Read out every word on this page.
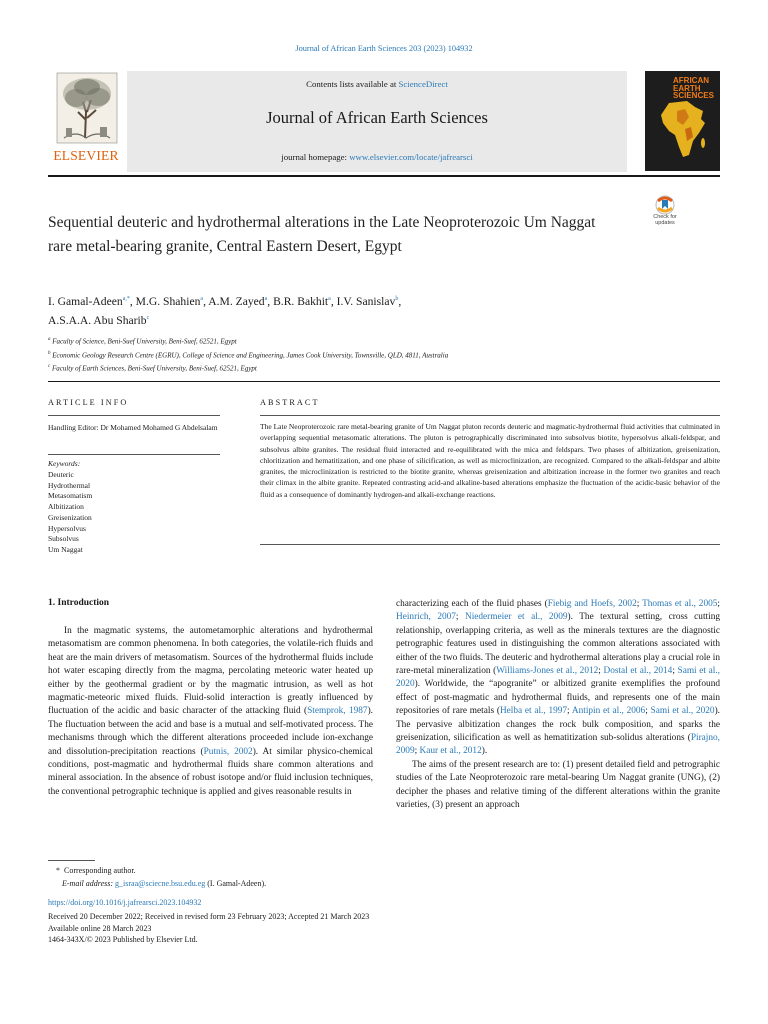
Journal of African Earth Sciences 203 (2023) 104932
Contents lists available at ScienceDirect
Journal of African Earth Sciences
journal homepage: www.elsevier.com/locate/jafrearsci
ELSEVIER
AFRICAN
EARTH
SCIENCES
Check for
updates
Sequential deuteric and hydrothermal alterations in the Late Neoproterozoic Um Naggat rare metal-bearing granite, Central Eastern Desert, Egypt
I. Gamal-Adeen$^{a,*}$, M.G. Shahien$^a$, A.M. Zayed$^a$, B.R. Bakhit$^a$, I.V. Sanislav$^b$,
A.S.A.A. Abu Sharib$^c$
$^a$ Faculty of Science, Beni-Suef University, Beni-Suef, 62521, Egypt
$^b$ Economic Geology Research Centre (EGRU), College of Science and Engineering, James Cook University, Townsville, QLD, 4811, Australia
$^c$ Faculty of Earth Sciences, Beni-Suef University, Beni-Suef, 62521, Egypt
ARTICLE INFO	ABSTRACT
Handling Editor: Dr Mohamed Mohamed G Abdelsalam
Keywords:
Deuteric
Hydrothermal
Metasomatism
Albitization
Greisenization
Hypersolvus
Subsolvus
Um Naggat
The Late Neoproterozoic rare metal-bearing granite of Um Naggat pluton records deuteric and magmatic-hydrothermal fluid activities that culminated in overlapping sequential metasomatic alterations. The pluton is petrographically discriminated into subsolvus biotite, hypersolvus alkali-feldspar, and subsolvus albite granites. The residual fluid interacted and re-equilibrated with the mica and feldspars. Two phases of albitization, greisenization, chloritization and hematitization, and one phase of silicification, as well as microclinization, are recognized. Compared to the alkali-feldspar and albite granites, the microclinization is restricted to the biotite granite, whereas greisenization and albitization increase in the former two granites and reach their climax in the albite granite. Repeated contrasting acid-and alkaline-based alterations emphasize the fluctuation of the acidic-basic behavior of the fluid as a consequence of dominantly hydrogen-and alkali-exchange reactions.
1. Introduction

In the magmatic systems, the autometamorphic alterations and hydrothermal metasomatism are common phenomena. In both categories, the volatile-rich fluids and heat are the main drivers of metasomatism. Sources of the hydrothermal fluids include hot water escaping directly from the magma, percolating meteoric water heated up either by the geothermal gradient or by the magmatic intrusion, as well as hot magmatic-meteoric mixed fluids. Fluid-solid interaction is greatly influenced by fluctuation of the acidic and basic character of the attacking fluid (Stemprok, 1987). The fluctuation between the acid and base is a mutual and self-motivated process. The mechanisms through which the different alterations proceeded include ion-exchange and dissolution-precipitation reactions (Putnis, 2002). At similar physico-chemical conditions, post-magmatic and hydrothermal fluids share common alterations and mineral association. In the absence of robust isotope and/or fluid inclusion techniques, the conventional petrographic technique is applied and gives reasonable results in

characterizing each of the fluid phases (Fiebig and Hoefs, 2002; Thomas et al., 2005; Heinrich, 2007; Niedermeier et al., 2009). The textural setting, cross cutting relationship, overlapping criteria, as well as the minerals textures are the diagnostic petrographic features used in distinguishing the common alterations associated with either of the two fluids. The deuteric and hydrothermal alterations play a crucial role in rare-metal mineralization (Williams-Jones et al., 2012; Dostal et al., 2014; Sami et al., 2020). Worldwide, the “apogranite” or albitized granite exemplifies the profound effect of post-magmatic and hydrothermal fluids, and represents one of the main repositories of rare metals (Helba et al., 1997; Antipin et al., 2006; Sami et al., 2020). The pervasive albitization changes the rock bulk composition, and sparks the greisenization, silicification as well as hematitization sub-solidus alterations (Pirajno, 2009; Kaur et al., 2012).

The aims of the present research are to: (1) present detailed field and petrographic studies of the Late Neoproterozoic rare metal-bearing Um Naggat granite (UNG), (2) decipher the phases and relative timing of the different alterations within the granite varieties, (3) present an approach

* Corresponding author.
E-mail address: g_israa@sciecne.bsu.edu.eg (I. Gamal-Adeen).
https://doi.org/10.1016/j.jafrearsci.2023.104932
Received 20 December 2022; Received in revised form 23 February 2023; Accepted 21 March 2023
Available online 28 March 2023
1464-343X/© 2023 Published by Elsevier Ltd.
